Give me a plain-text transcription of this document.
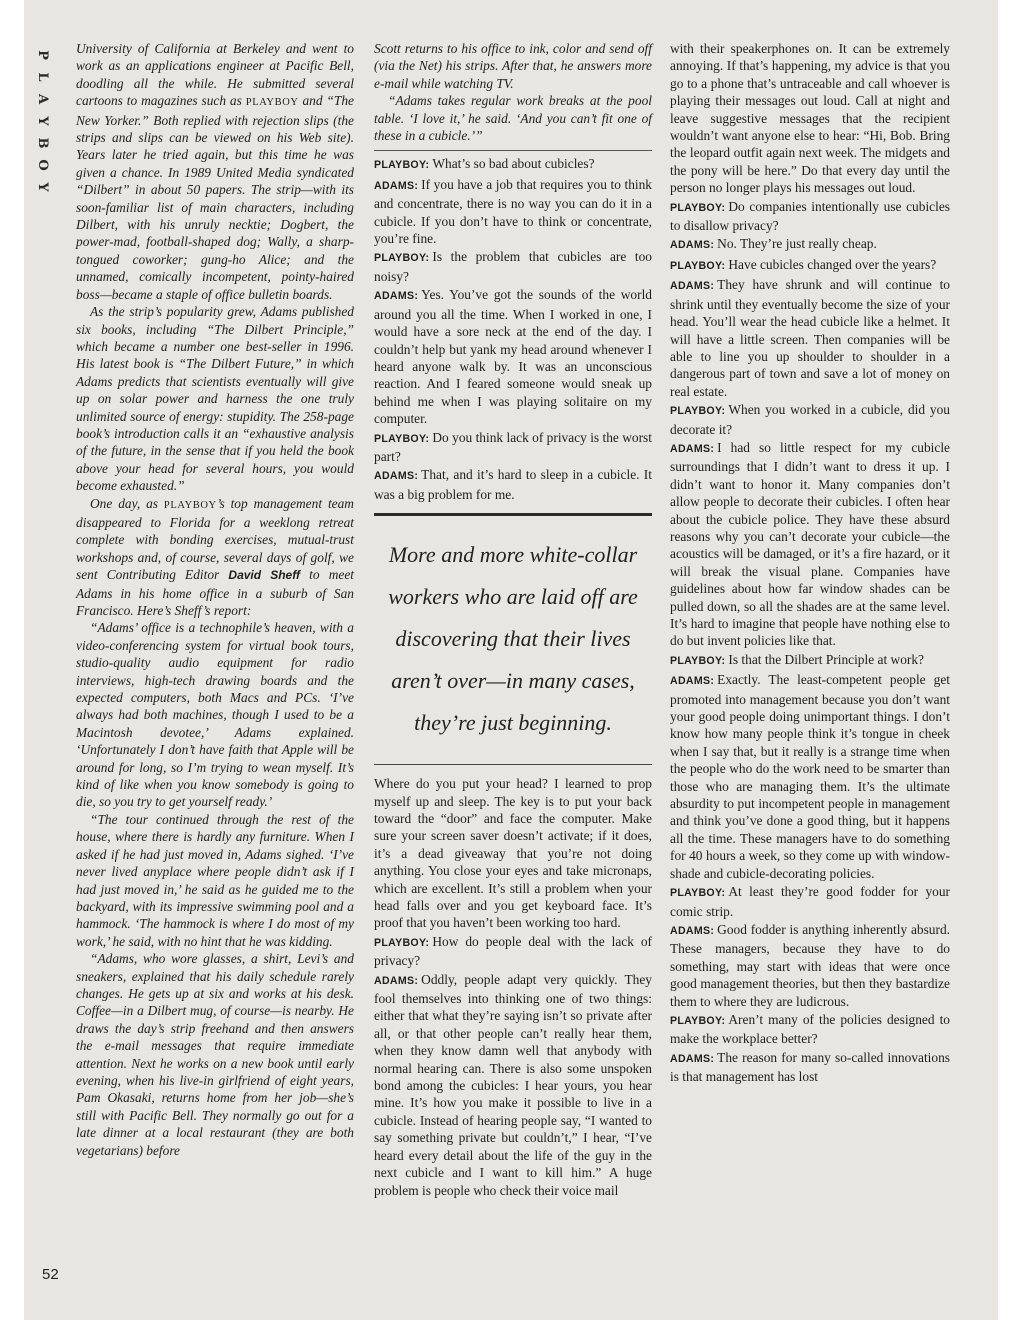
P
L
A
Y
B
O
Y

University of California at Berkeley and went to work as an applications engineer at Pacific Bell, doodling all the while. He submitted several cartoons to magazines such as PLAYBOY and “The New Yorker.” Both replied with rejection slips (the strips and slips can be viewed on his Web site). Years later he tried again, but this time he was given a chance. In 1989 United Media syndicated “Dilbert” in about 50 papers. The strip—with its soon-familiar list of main characters, including Dilbert, with his unruly necktie; Dogbert, the power-mad, football-shaped dog; Wally, a sharp-tongued coworker; gung-ho Alice; and the unnamed, comically incompetent, pointy-haired boss—became a staple of office bulletin boards.

As the strip’s popularity grew, Adams published six books, including “The Dilbert Principle,” which became a number one best-seller in 1996. His latest book is “The Dilbert Future,” in which Adams predicts that scientists eventually will give up on solar power and harness the one truly unlimited source of energy: stupidity. The 258-page book’s introduction calls it an “exhaustive analysis of the future, in the sense that if you held the book above your head for several hours, you would become exhausted.”

One day, as PLAYBOY’s top management team disappeared to Florida for a weeklong retreat complete with bonding exercises, mutual-trust workshops and, of course, several days of golf, we sent Contributing Editor David Sheff to meet Adams in his home office in a suburb of San Francisco. Here’s Sheff’s report:

“Adams’ office is a technophile’s heaven, with a video-conferencing system for virtual book tours, studio-quality audio equipment for radio interviews, high-tech drawing boards and the expected computers, both Macs and PCs. ‘I’ve always had both machines, though I used to be a Macintosh devotee,’ Adams explained. ‘Unfortunately I don’t have faith that Apple will be around for long, so I’m trying to wean myself. It’s kind of like when you know somebody is going to die, so you try to get yourself ready.’

“The tour continued through the rest of the house, where there is hardly any furniture. When I asked if he had just moved in, Adams sighed. ‘I’ve never lived anyplace where people didn’t ask if I had just moved in,’ he said as he guided me to the backyard, with its impressive swimming pool and a hammock. ‘The hammock is where I do most of my work,’ he said, with no hint that he was kidding.

“Adams, who wore glasses, a shirt, Levi’s and sneakers, explained that his daily schedule rarely changes. He gets up at six and works at his desk. Coffee—in a Dilbert mug, of course—is nearby. He draws the day’s strip freehand and then answers the e-mail messages that require immediate attention. Next he works on a new book until early evening, when his live-in girlfriend of eight years, Pam Okasaki, returns home from her job—she’s still with Pacific Bell. They normally go out for a late dinner at a local restaurant (they are both vegetarians) before

Scott returns to his office to ink, color and send off (via the Net) his strips. After that, he answers more e-mail while watching TV.

“Adams takes regular work breaks at the pool table. ‘I love it,’ he said. ‘And you can’t fit one of these in a cubicle.’”

PLAYBOY: What’s so bad about cubicles?

ADAMS: If you have a job that requires you to think and concentrate, there is no way you can do it in a cubicle. If you don’t have to think or concentrate, you’re fine.

PLAYBOY: Is the problem that cubicles are too noisy?

ADAMS: Yes. You’ve got the sounds of the world around you all the time. When I worked in one, I would have a sore neck at the end of the day. I couldn’t help but yank my head around whenever I heard anyone walk by. It was an unconscious reaction. And I feared someone would sneak up behind me when I was playing solitaire on my computer.

PLAYBOY: Do you think lack of privacy is the worst part?

ADAMS: That, and it’s hard to sleep in a cubicle. It was a big problem for me.

More and more white-collar workers who are laid off are discovering that their lives aren’t over—in many cases, they’re just beginning.

Where do you put your head? I learned to prop myself up and sleep. The key is to put your back toward the “door” and face the computer. Make sure your screen saver doesn’t activate; if it does, it’s a dead giveaway that you’re not doing anything. You close your eyes and take micronaps, which are excellent. It’s still a problem when your head falls over and you get keyboard face. It’s proof that you haven’t been working too hard.

PLAYBOY: How do people deal with the lack of privacy?

ADAMS: Oddly, people adapt very quickly. They fool themselves into thinking one of two things: either that what they’re saying isn’t so private after all, or that other people can’t really hear them, when they know damn well that anybody with normal hearing can. There is also some unspoken bond among the cubicles: I hear yours, you hear mine. It’s how you make it possible to live in a cubicle. Instead of hearing people say, “I wanted to say something private but couldn’t,” I hear, “I’ve heard every detail about the life of the guy in the next cubicle and I want to kill him.” A huge problem is people who check their voice mail

with their speakerphones on. It can be extremely annoying. If that’s happening, my advice is that you go to a phone that’s untraceable and call whoever is playing their messages out loud. Call at night and leave suggestive messages that the recipient wouldn’t want anyone else to hear: “Hi, Bob. Bring the leopard outfit again next week. The midgets and the pony will be here.” Do that every day until the person no longer plays his messages out loud.

PLAYBOY: Do companies intentionally use cubicles to disallow privacy?

ADAMS: No. They’re just really cheap.

PLAYBOY: Have cubicles changed over the years?

ADAMS: They have shrunk and will continue to shrink until they eventually become the size of your head. You’ll wear the head cubicle like a helmet. It will have a little screen. Then companies will be able to line you up shoulder to shoulder in a dangerous part of town and save a lot of money on real estate.

PLAYBOY: When you worked in a cubicle, did you decorate it?

ADAMS: I had so little respect for my cubicle surroundings that I didn’t want to dress it up. I didn’t want to honor it. Many companies don’t allow people to decorate their cubicles. I often hear about the cubicle police. They have these absurd reasons why you can’t decorate your cubicle—the acoustics will be damaged, or it’s a fire hazard, or it will break the visual plane. Companies have guidelines about how far window shades can be pulled down, so all the shades are at the same level. It’s hard to imagine that people have nothing else to do but invent policies like that.

PLAYBOY: Is that the Dilbert Principle at work?

ADAMS: Exactly. The least-competent people get promoted into management because you don’t want your good people doing unimportant things. I don’t know how many people think it’s tongue in cheek when I say that, but it really is a strange time when the people who do the work need to be smarter than those who are managing them. It’s the ultimate absurdity to put incompetent people in management and think you’ve done a good thing, but it happens all the time. These managers have to do something for 40 hours a week, so they come up with window-shade and cubicle-decorating policies.

PLAYBOY: At least they’re good fodder for your comic strip.

ADAMS: Good fodder is anything inherently absurd. These managers, because they have to do something, may start with ideas that were once good management theories, but then they bastardize them to where they are ludicrous.

PLAYBOY: Aren’t many of the policies designed to make the workplace better?

ADAMS: The reason for many so-called innovations is that management has lost

52
